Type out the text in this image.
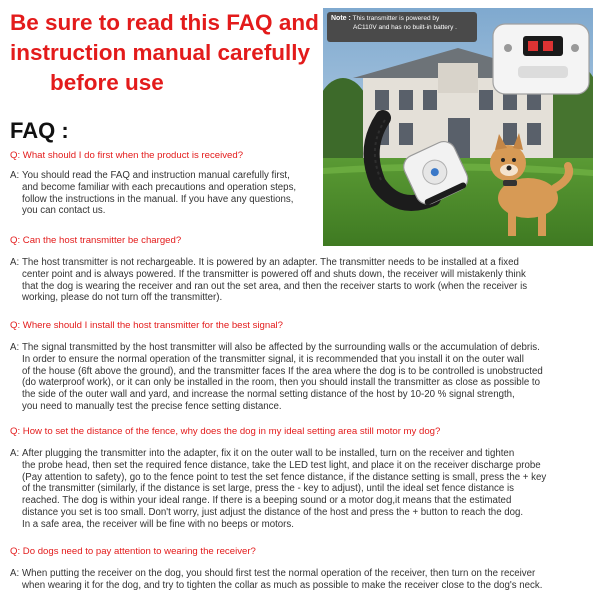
Be sure to read this FAQ and
instruction manual carefully
before use
Note : This transmitter is powered by
AC110V and has no built-in battery .
FAQ :
Q: What should I do first when the product is received?
A: You should read the FAQ and instruction manual carefully first,
and become familiar with each precautions and operation steps,
follow the instructions in the manual. If you have any questions,
you can contact us.
Q: Can the host transmitter be charged?
A: The host transmitter is not rechargeable. It is powered by an adapter. The transmitter needs to be installed at a fixed
center point and is always powered. If the transmitter is powered off and shuts down, the receiver will mistakenly think
that the dog is wearing the receiver and ran out the set area, and then the receiver starts to work (when the receiver is
working, please do not turn off the transmitter).
Q: Where should I install the host transmitter for the best signal?
A: The signal transmitted by the host transmitter will also be affected by the surrounding walls or the accumulation of debris.
In order to ensure the normal operation of the transmitter signal, it is recommended that you install it on the outer wall
of the house (6ft above the ground), and the transmitter faces If the area where the dog is to be controlled is unobstructed
(do waterproof work), or it can only be installed in the room, then you should install the transmitter as close as possible to
the side of the outer wall and yard, and increase the normal setting distance of the host by 10-20 % signal strength,
you need to manually test the precise fence setting distance.
Q: How to set the distance of the fence, why does the dog in my ideal setting area still motor my dog?
A: After plugging the transmitter into the adapter, fix it on the outer wall to be installed, turn on the receiver and tighten
the probe head, then set the required fence distance, take the LED test light, and place it on the receiver discharge probe
(Pay attention to safety), go to the fence point to test the set fence distance, if the distance setting is small, press the + key
of the transmitter (similarly, if the distance is set large, press the - key to adjust), until the ideal set fence distance is
reached. The dog is within your ideal range. If there is a beeping sound or a motor dog,it means that the estimated
distance you set is too small. Don't worry, just adjust the distance of the host and press the + button to reach the dog.
In a safe area, the receiver will be fine with no beeps or motors.
Q: Do dogs need to pay attention to wearing the receiver?
A: When putting the receiver on the dog, you should first test the normal operation of the receiver, then turn on the receiver
when wearing it for the dog, and try to tighten the collar as much as possible to make the receiver close to the dog's neck.
